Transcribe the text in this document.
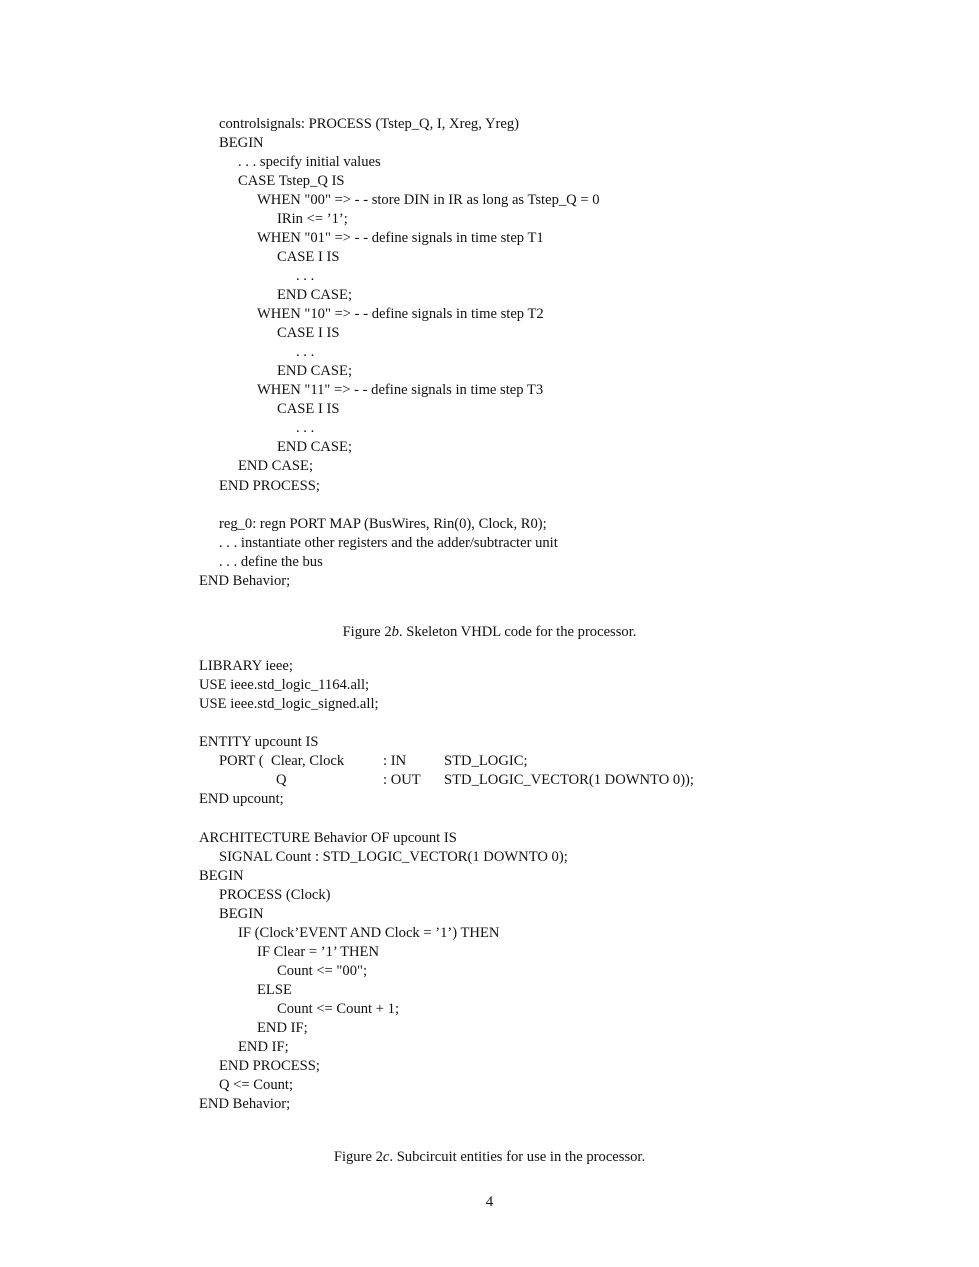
controlsignals: PROCESS (Tstep_Q, I, Xreg, Yreg)
BEGIN
. . . specify initial values
CASE Tstep_Q IS
WHEN "00" => - - store DIN in IR as long as Tstep_Q = 0
IRin <= ’1’;
WHEN "01" => - - define signals in time step T1
CASE I IS
. . .
END CASE;
WHEN "10" => - - define signals in time step T2
CASE I IS
. . .
END CASE;
WHEN "11" => - - define signals in time step T3
CASE I IS
. . .
END CASE;
END CASE;
END PROCESS;
reg_0: regn PORT MAP (BusWires, Rin(0), Clock, R0);
. . . instantiate other registers and the adder/subtracter unit
. . . define the bus
END Behavior;
Figure 2b. Skeleton VHDL code for the processor.
LIBRARY ieee;
USE ieee.std_logic_1164.all;
USE ieee.std_logic_signed.all;
ENTITY upcount IS
PORT (  Clear, Clock	: IN	STD_LOGIC;
Q	: OUT STD_LOGIC_VECTOR(1 DOWNTO 0));
END upcount;
ARCHITECTURE Behavior OF upcount IS
SIGNAL Count : STD_LOGIC_VECTOR(1 DOWNTO 0);
BEGIN
PROCESS (Clock)
BEGIN
IF (Clock’EVENT AND Clock = ’1’) THEN
IF Clear = ’1’ THEN
Count <= "00";
ELSE
Count <= Count + 1;
END IF;
END IF;
END PROCESS;
Q <= Count;
END Behavior;
Figure 2c. Subcircuit entities for use in the processor.
4
